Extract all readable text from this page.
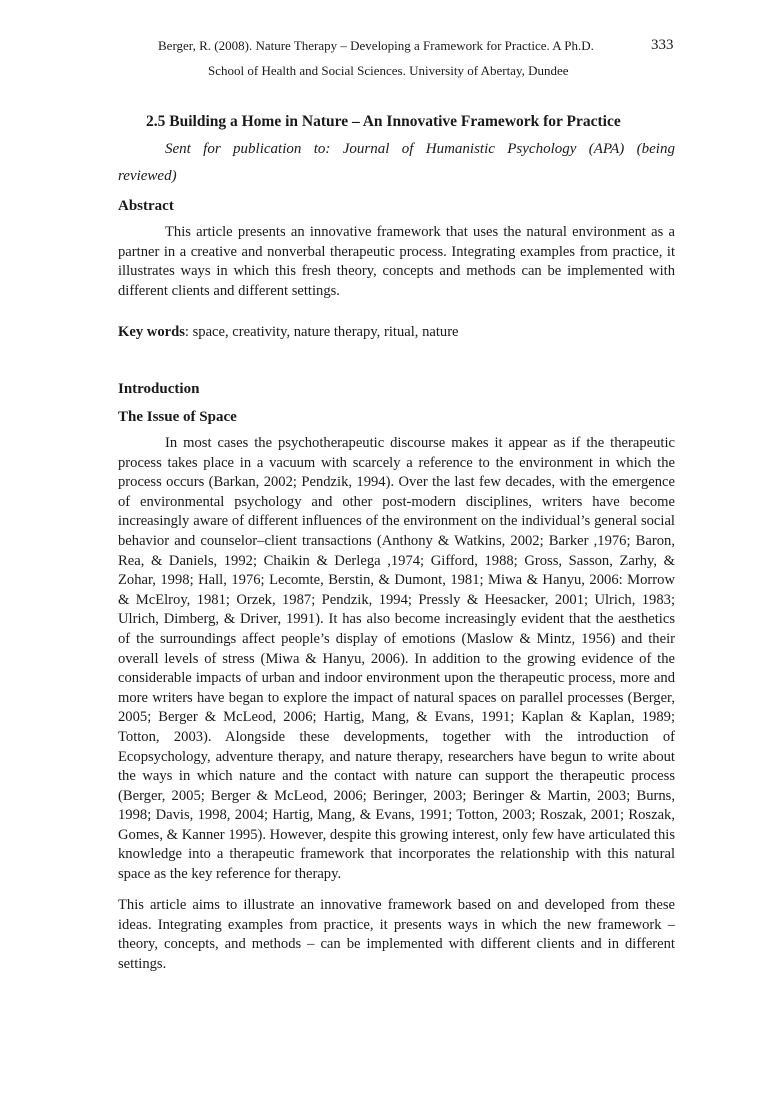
Berger, R. (2008). Nature Therapy – Developing a Framework for Practice. A Ph.D.	333
School of Health and Social Sciences. University of Abertay, Dundee
2.5 Building a Home in Nature – An Innovative Framework for Practice
Sent for publication to: Journal of Humanistic Psychology (APA) (being
reviewed)
Abstract

This article presents an innovative framework that uses the natural environment as a partner in a creative and nonverbal therapeutic process. Integrating examples from practice, it illustrates ways in which this fresh theory, concepts and methods can be implemented with different clients and different settings.

Key words: space, creativity, nature therapy, ritual, nature
Introduction
The Issue of Space

In most cases the psychotherapeutic discourse makes it appear as if the therapeutic process takes place in a vacuum with scarcely a reference to the environment in which the process occurs (Barkan, 2002; Pendzik, 1994). Over the last few decades, with the emergence of environmental psychology and other post-modern disciplines, writers have become increasingly aware of different influences of the environment on the individual’s general social behavior and counselor–client transactions (Anthony & Watkins, 2002; Barker ,1976; Baron, Rea, & Daniels, 1992; Chaikin & Derlega ,1974; Gifford, 1988; Gross, Sasson, Zarhy, & Zohar, 1998; Hall, 1976; Lecomte, Berstin, & Dumont, 1981; Miwa & Hanyu, 2006: Morrow & McElroy, 1981; Orzek, 1987; Pendzik, 1994; Pressly & Heesacker, 2001; Ulrich, 1983; Ulrich, Dimberg, & Driver, 1991). It has also become increasingly evident that the aesthetics of the surroundings affect people’s display of emotions (Maslow & Mintz, 1956) and their overall levels of stress (Miwa & Hanyu, 2006). In addition to the growing evidence of the considerable impacts of urban and indoor environment upon the therapeutic process, more and more writers have began to explore the impact of natural spaces on parallel processes (Berger, 2005; Berger & McLeod, 2006; Hartig, Mang, & Evans, 1991; Kaplan & Kaplan, 1989; Totton, 2003). Alongside these developments, together with the introduction of Ecopsychology, adventure therapy, and nature therapy, researchers have begun to write about the ways in which nature and the contact with nature can support the therapeutic process (Berger, 2005; Berger & McLeod, 2006; Beringer, 2003; Beringer & Martin, 2003; Burns, 1998; Davis, 1998, 2004; Hartig, Mang, & Evans, 1991; Totton, 2003; Roszak, 2001; Roszak, Gomes, & Kanner 1995). However, despite this growing interest, only few have articulated this knowledge into a therapeutic framework that incorporates the relationship with this natural space as the key reference for therapy.

This article aims to illustrate an innovative framework based on and developed from these ideas. Integrating examples from practice, it presents ways in which the new framework – theory, concepts, and methods – can be implemented with different clients and in different settings.
